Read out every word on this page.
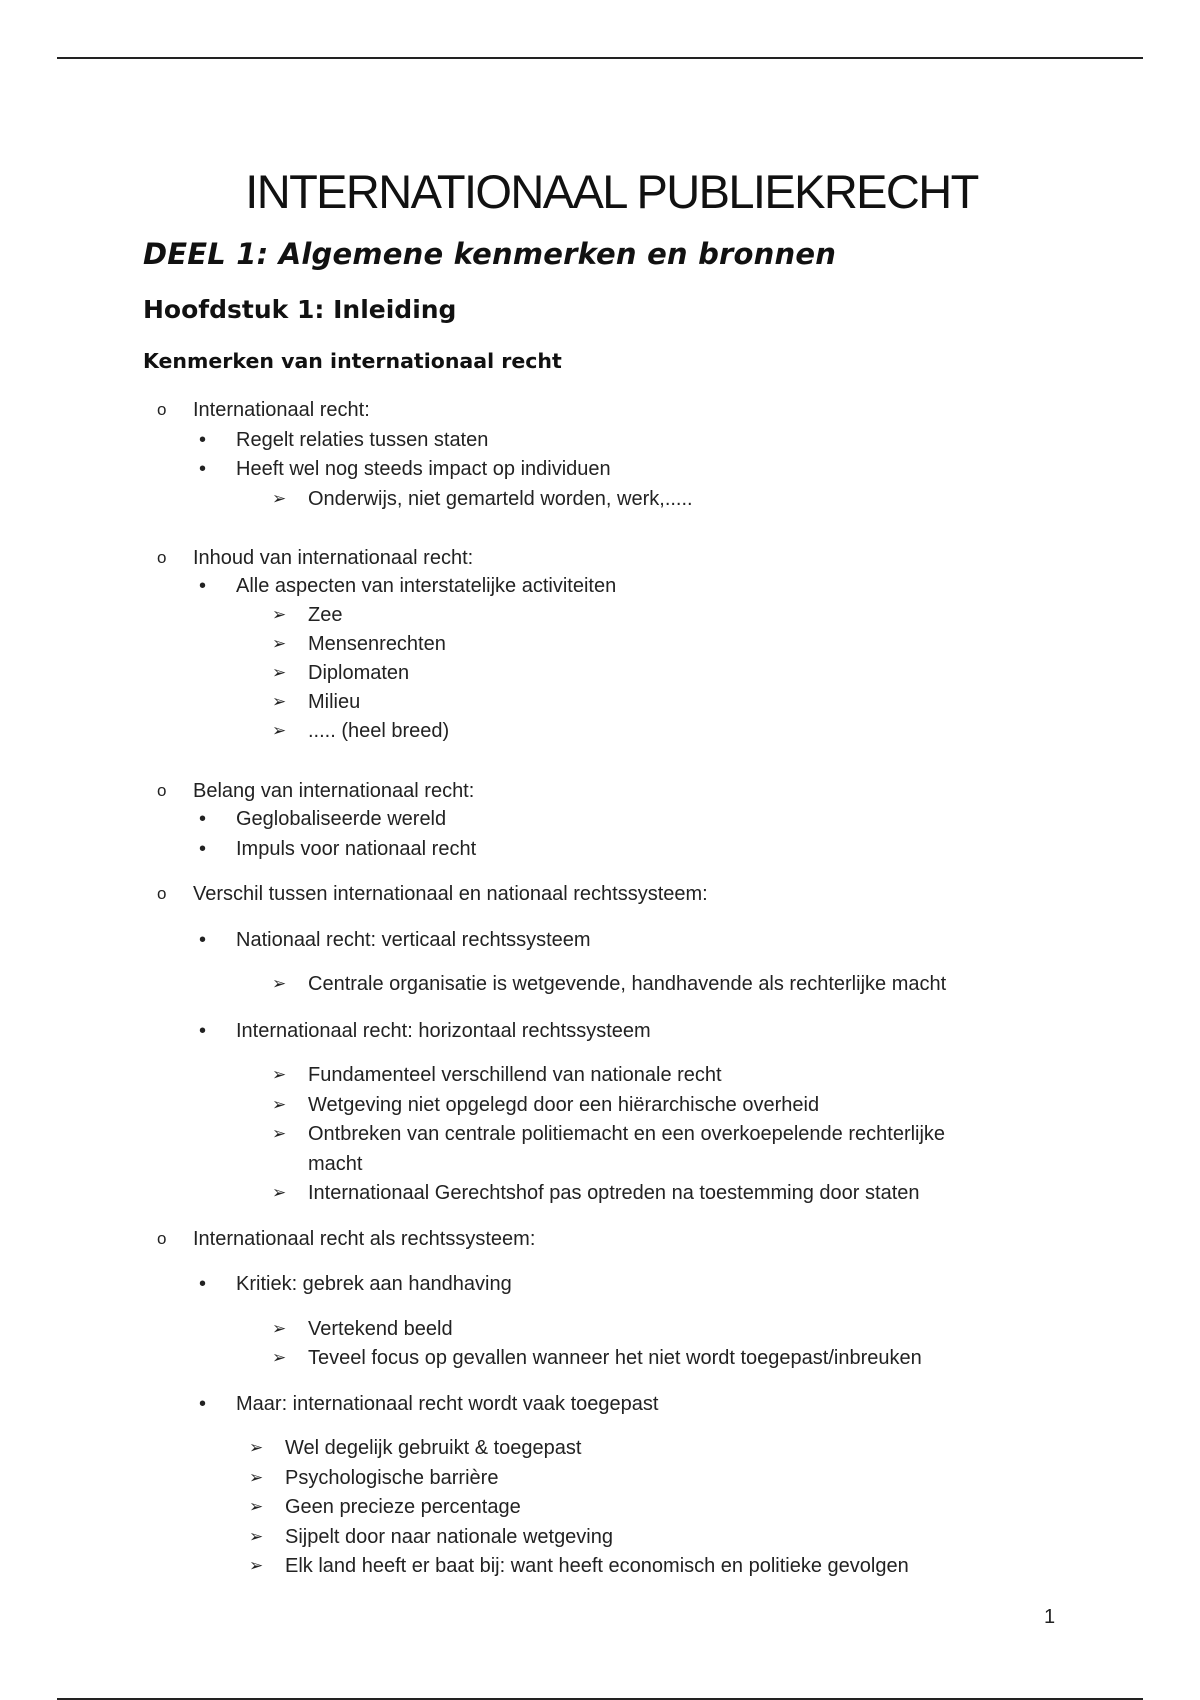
INTERNATIONAAL PUBLIEKRECHT
DEEL 1: Algemene kenmerken en bronnen
Hoofdstuk 1: Inleiding
Kenmerken van internationaal recht
o Internationaal recht:
• Regelt relaties tussen staten
• Heeft wel nog steeds impact op individuen
➢ Onderwijs, niet gemarteld worden, werk,.....
o Inhoud van internationaal recht:
• Alle aspecten van interstatelijke activiteiten
➢ Zee
➢ Mensenrechten
➢ Diplomaten
➢ Milieu
➢ ..... (heel breed)
o Belang van internationaal recht:
• Geglobaliseerde wereld
• Impuls voor nationaal recht
o Verschil tussen internationaal en nationaal rechtssysteem:
• Nationaal recht: verticaal rechtssysteem
➢ Centrale organisatie is wetgevende, handhavende als rechterlijke macht
• Internationaal recht: horizontaal rechtssysteem
➢ Fundamenteel verschillend van nationale recht
➢ Wetgeving niet opgelegd door een hiërarchische overheid
➢ Ontbreken van centrale politiemacht en een overkoepelende rechterlijke
macht
➢ Internationaal Gerechtshof pas optreden na toestemming door staten
o Internationaal recht als rechtssysteem:
• Kritiek: gebrek aan handhaving
➢ Vertekend beeld
➢ Teveel focus op gevallen wanneer het niet wordt toegepast/inbreuken
• Maar: internationaal recht wordt vaak toegepast
➢ Wel degelijk gebruikt & toegepast
➢ Psychologische barrière
➢ Geen precieze percentage
➢ Sijpelt door naar nationale wetgeving
➢ Elk land heeft er baat bij: want heeft economisch en politieke gevolgen
1
